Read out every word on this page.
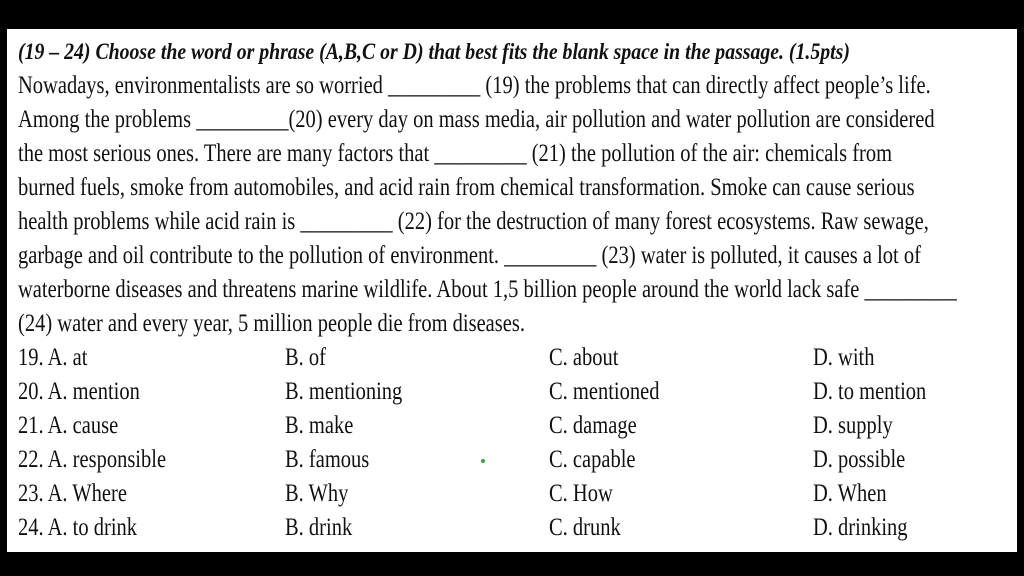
(19 – 24) Choose the word or phrase (A,B,C or D) that best fits the blank space in the passage. (1.5pts)
Nowadays, environmentalists are so worried _________ (19) the problems that can directly affect people’s life.
Among the problems _________(20) every day on mass media, air pollution and water pollution are considered
the most serious ones. There are many factors that _________ (21) the pollution of the air: chemicals from
burned fuels, smoke from automobiles, and acid rain from chemical transformation. Smoke can cause serious
health problems while acid rain is _________ (22) for the destruction of many forest ecosystems. Raw sewage,
garbage and oil contribute to the pollution of environment. _________ (23) water is polluted, it causes a lot of
waterborne diseases and threatens marine wildlife. About 1,5 billion people around the world lack safe _________
(24) water and every year, 5 million people die from diseases.
19. A. at	B. of	C. about	D. with
20. A. mention	B. mentioning	C. mentioned	D. to mention
21. A. cause	B. make	C. damage	D. supply
22. A. responsible	B. famous	C. capable	D. possible
23. A. Where	B. Why	C. How	D. When
24. A. to drink	B. drink	C. drunk	D. drinking
